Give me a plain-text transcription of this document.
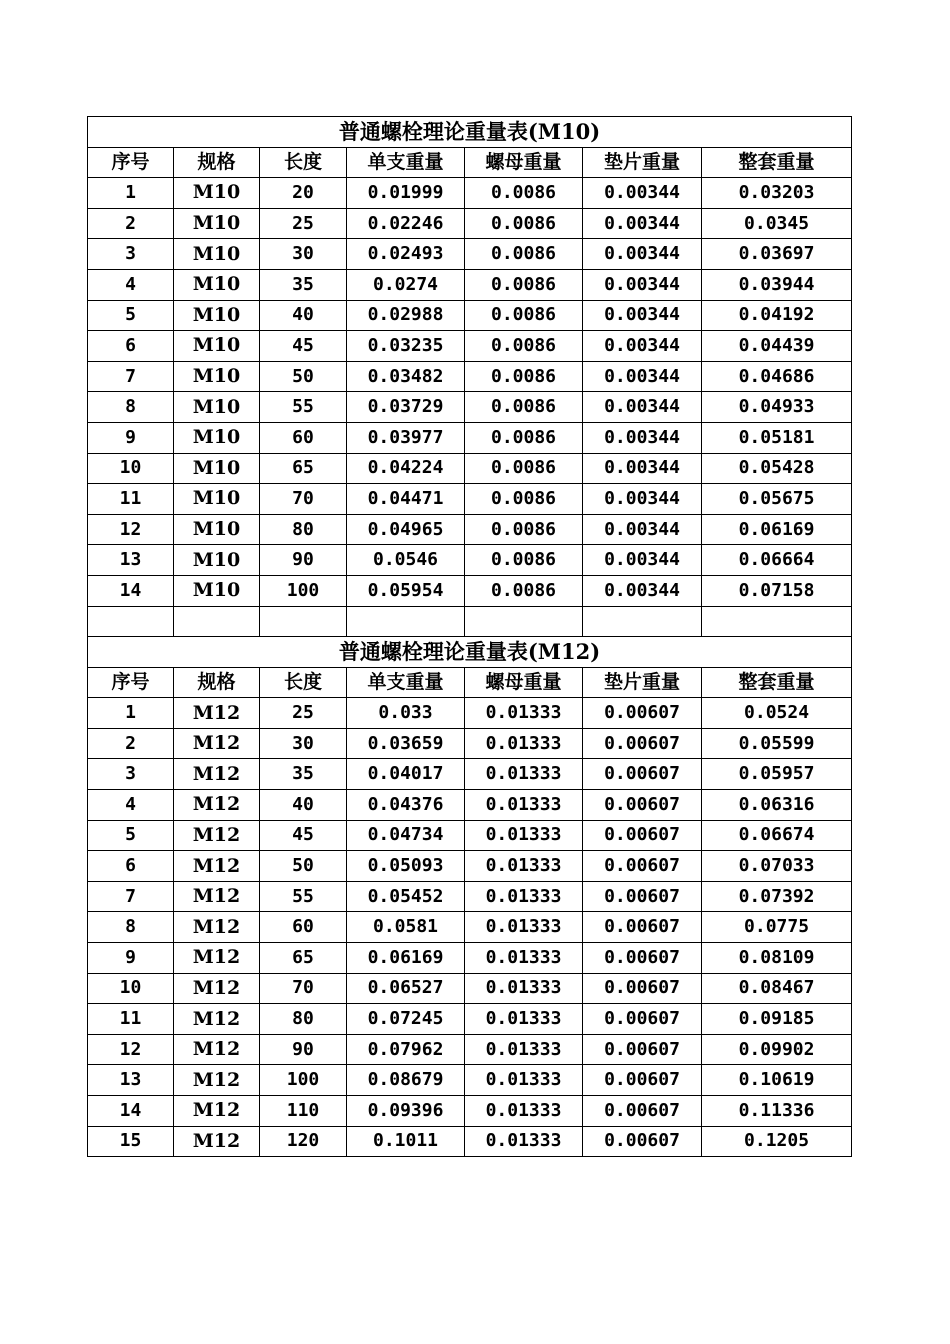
普通螺栓理论重量表(M10)						
序号	规格	长度	单支重量	螺母重量	垫片重量	整套重量
1	M10	20	0.01999	0.0086	0.00344	0.03203
2	M10	25	0.02246	0.0086	0.00344	0.0345
3	M10	30	0.02493	0.0086	0.00344	0.03697
4	M10	35	0.0274	0.0086	0.00344	0.03944
5	M10	40	0.02988	0.0086	0.00344	0.04192
6	M10	45	0.03235	0.0086	0.00344	0.04439
7	M10	50	0.03482	0.0086	0.00344	0.04686
8	M10	55	0.03729	0.0086	0.00344	0.04933
9	M10	60	0.03977	0.0086	0.00344	0.05181
10	M10	65	0.04224	0.0086	0.00344	0.05428
11	M10	70	0.04471	0.0086	0.00344	0.05675
12	M10	80	0.04965	0.0086	0.00344	0.06169
13	M10	90	0.0546	0.0086	0.00344	0.06664
14	M10	100	0.05954	0.0086	0.00344	0.07158

普通螺栓理论重量表(M12)						
序号	规格	长度	单支重量	螺母重量	垫片重量	整套重量
1	M12	25	0.033	0.01333	0.00607	0.0524
2	M12	30	0.03659	0.01333	0.00607	0.05599
3	M12	35	0.04017	0.01333	0.00607	0.05957
4	M12	40	0.04376	0.01333	0.00607	0.06316
5	M12	45	0.04734	0.01333	0.00607	0.06674
6	M12	50	0.05093	0.01333	0.00607	0.07033
7	M12	55	0.05452	0.01333	0.00607	0.07392
8	M12	60	0.0581	0.01333	0.00607	0.0775
9	M12	65	0.06169	0.01333	0.00607	0.08109
10	M12	70	0.06527	0.01333	0.00607	0.08467
11	M12	80	0.07245	0.01333	0.00607	0.09185
12	M12	90	0.07962	0.01333	0.00607	0.09902
13	M12	100	0.08679	0.01333	0.00607	0.10619
14	M12	110	0.09396	0.01333	0.00607	0.11336
15	M12	120	0.1011	0.01333	0.00607	0.1205
